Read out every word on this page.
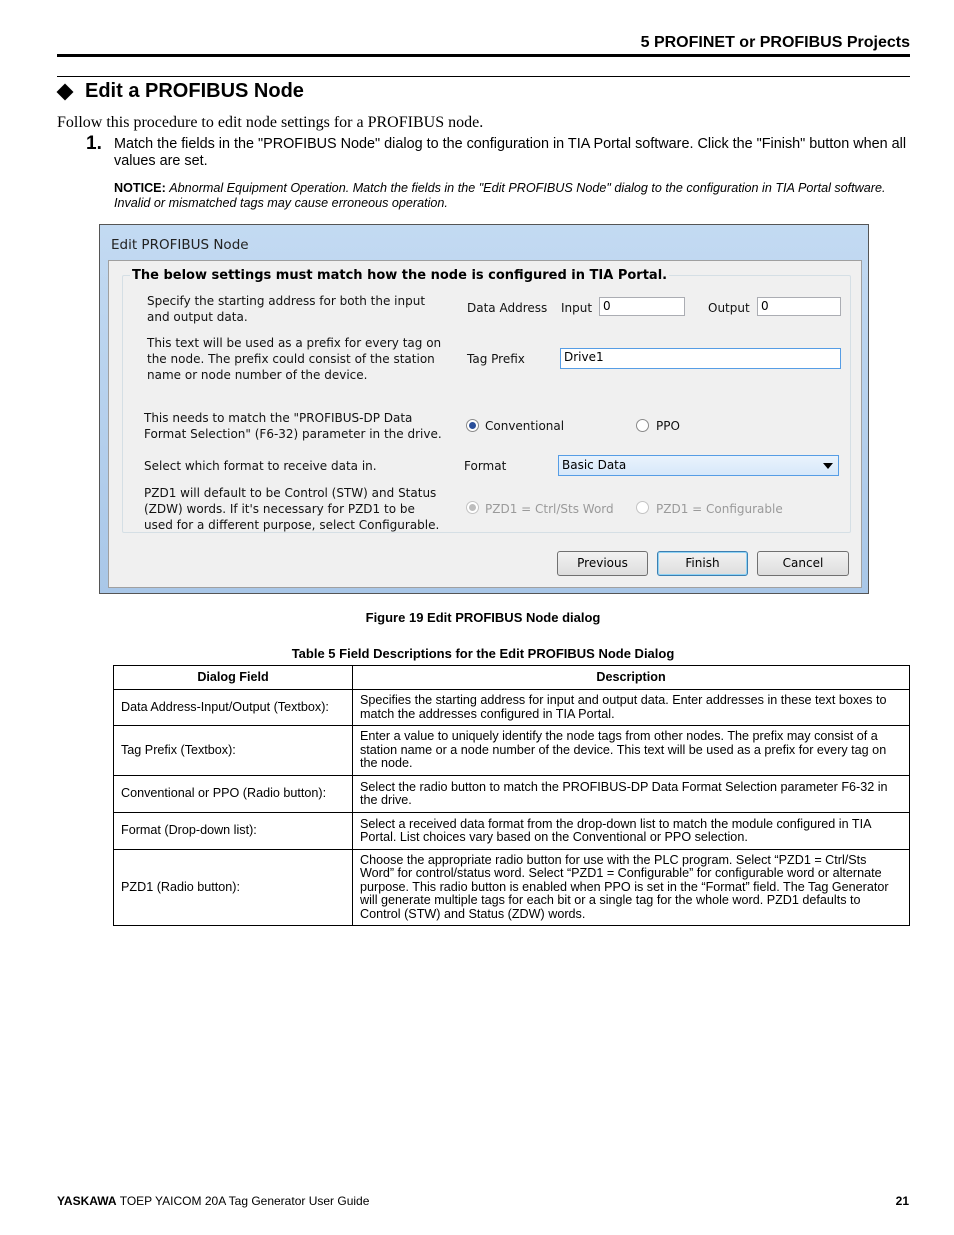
5 PROFINET or PROFIBUS Projects
Edit a PROFIBUS Node
Follow this procedure to edit node settings for a PROFIBUS node.
1. Match the fields in the "PROFIBUS Node" dialog to the configuration in TIA Portal software. Click the "Finish" button when all values are set.
NOTICE: Abnormal Equipment Operation. Match the fields in the "Edit PROFIBUS Node" dialog to the configuration in TIA Portal software. Invalid or mismatched tags may cause erroneous operation.
Edit PROFIBUS Node
The below settings must match how the node is configured in TIA Portal.
Specify the starting address for both the input and output data.
Data Address Input 0	Output 0
This text will be used as a prefix for every tag on the node. The prefix could consist of the station name or node number of the device.
Tag Prefix	Drive1
This needs to match the "PROFIBUS-DP Data Format Selection" (F6-32) parameter in the drive.
Conventional	PPO
Select which format to receive data in.	Format	Basic Data
PZD1 will default to be Control (STW) and Status (ZDW) words. If it's necessary for PZD1 to be used for a different purpose, select Configurable.
PZD1 = Ctrl/Sts Word	PZD1 = Configurable
Previous	Finish	Cancel
Figure 19 Edit PROFIBUS Node dialog
Table 5 Field Descriptions for the Edit PROFIBUS Node Dialog
Dialog Field	Description
Data Address-Input/Output (Textbox):	Specifies the starting address for input and output data. Enter addresses in these text boxes to match the addresses configured in TIA Portal.
Tag Prefix (Textbox):	Enter a value to uniquely identify the node tags from other nodes. The prefix may consist of a station name or a node number of the device. This text will be used as a prefix for every tag on the node.
Conventional or PPO (Radio button):	Select the radio button to match the PROFIBUS-DP Data Format Selection parameter F6-32 in the drive.
Format (Drop-down list):	Select a received data format from the drop-down list to match the module configured in TIA Portal. List choices vary based on the Conventional or PPO selection.
PZD1 (Radio button):	Choose the appropriate radio button for use with the PLC program. Select “PZD1 = Ctrl/Sts Word” for control/status word. Select “PZD1 = Configurable” for configurable word or alternate purpose. This radio button is enabled when PPO is set in the “Format” field. The Tag Generator will generate multiple tags for each bit or a single tag for the whole word. PZD1 defaults to Control (STW) and Status (ZDW) words.
YASKAWA TOEP YAICOM 20A Tag Generator User Guide	21
